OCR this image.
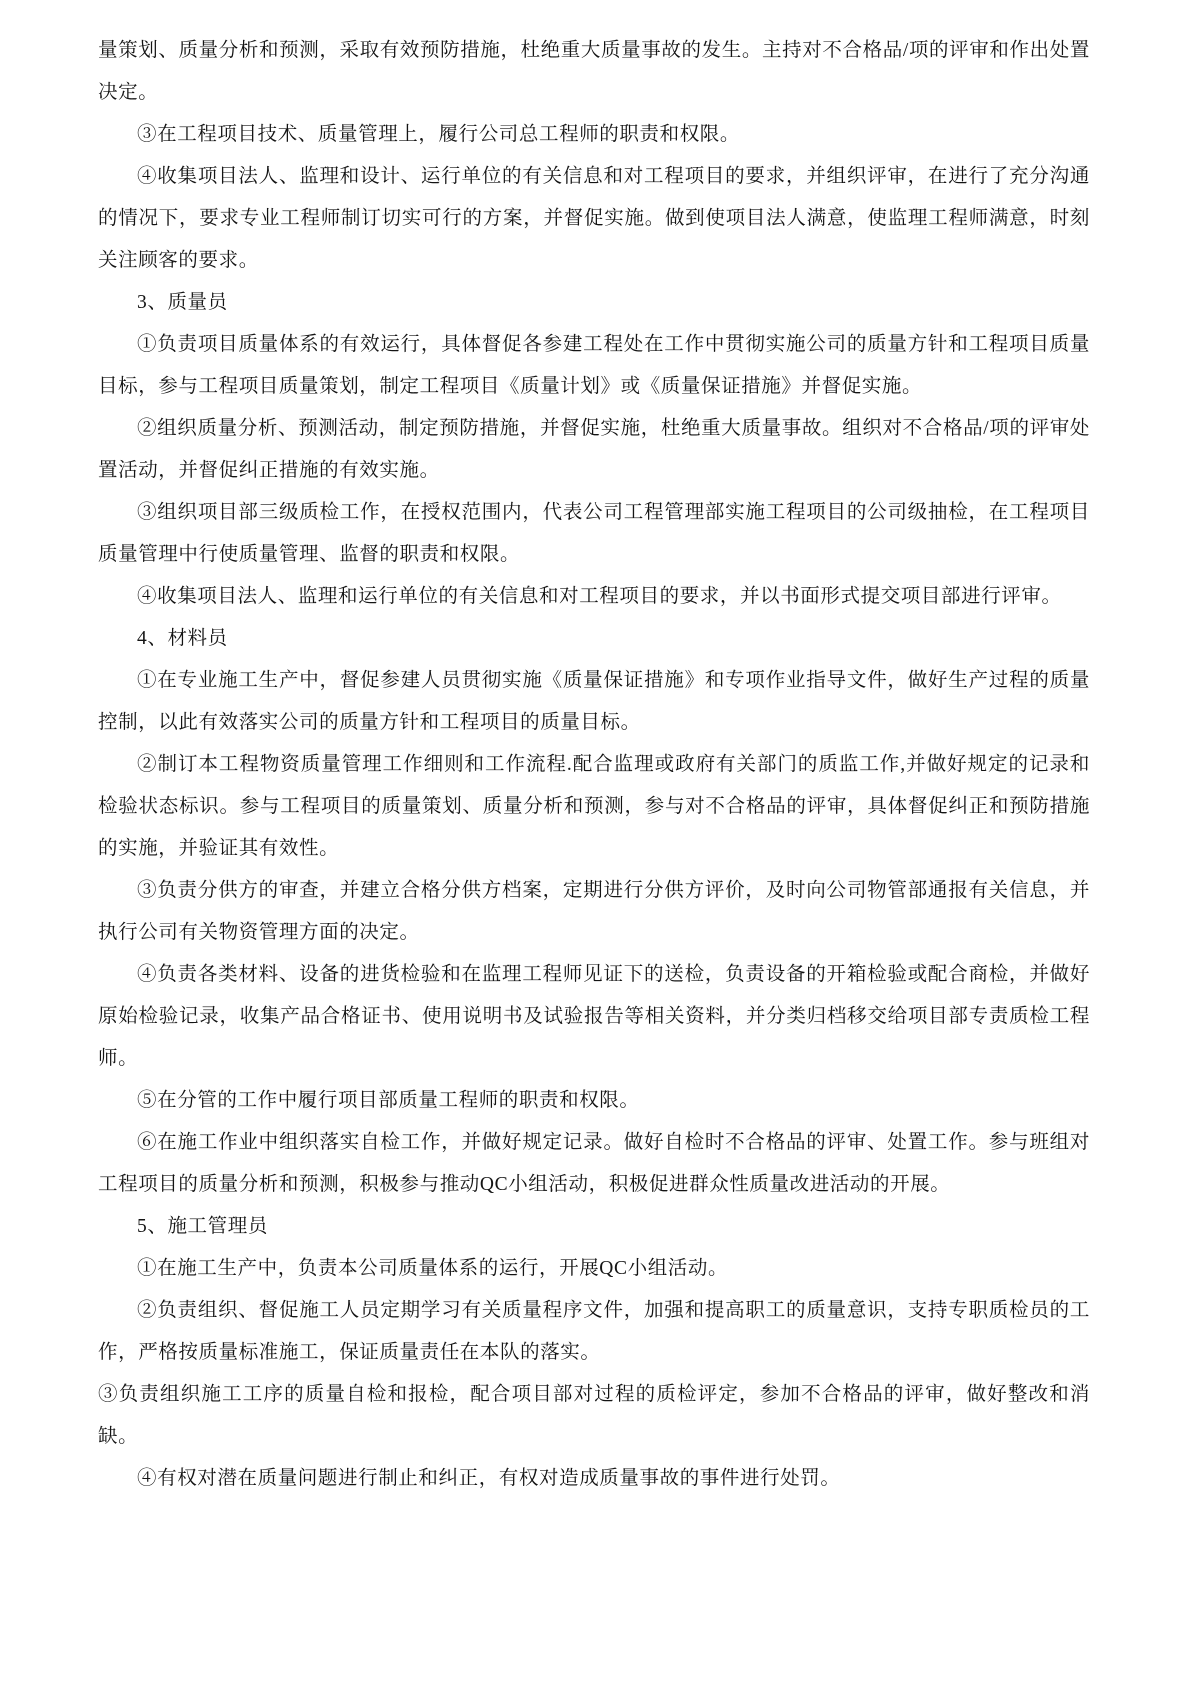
量策划、质量分析和预测，采取有效预防措施，杜绝重大质量事故的发生。主持对不合格品/项的评审和作出处置决定。

③在工程项目技术、质量管理上，履行公司总工程师的职责和权限。

④收集项目法人、监理和设计、运行单位的有关信息和对工程项目的要求，并组织评审，在进行了充分沟通的情况下，要求专业工程师制订切实可行的方案，并督促实施。做到使项目法人满意，使监理工程师满意，时刻关注顾客的要求。

3、质量员

①负责项目质量体系的有效运行，具体督促各参建工程处在工作中贯彻实施公司的质量方针和工程项目质量目标，参与工程项目质量策划，制定工程项目《质量计划》或《质量保证措施》并督促实施。

②组织质量分析、预测活动，制定预防措施，并督促实施，杜绝重大质量事故。组织对不合格品/项的评审处置活动，并督促纠正措施的有效实施。

③组织项目部三级质检工作，在授权范围内，代表公司工程管理部实施工程项目的公司级抽检，在工程项目质量管理中行使质量管理、监督的职责和权限。

④收集项目法人、监理和运行单位的有关信息和对工程项目的要求，并以书面形式提交项目部进行评审。

4、材料员

①在专业施工生产中，督促参建人员贯彻实施《质量保证措施》和专项作业指导文件，做好生产过程的质量控制，以此有效落实公司的质量方针和工程项目的质量目标。

②制订本工程物资质量管理工作细则和工作流程.配合监理或政府有关部门的质监工作,并做好规定的记录和检验状态标识。参与工程项目的质量策划、质量分析和预测，参与对不合格品的评审，具体督促纠正和预防措施的实施，并验证其有效性。

③负责分供方的审查，并建立合格分供方档案，定期进行分供方评价，及时向公司物管部通报有关信息，并执行公司有关物资管理方面的决定。

④负责各类材料、设备的进货检验和在监理工程师见证下的送检，负责设备的开箱检验或配合商检，并做好原始检验记录，收集产品合格证书、使用说明书及试验报告等相关资料，并分类归档移交给项目部专责质检工程师。

⑤在分管的工作中履行项目部质量工程师的职责和权限。

⑥在施工作业中组织落实自检工作，并做好规定记录。做好自检时不合格品的评审、处置工作。参与班组对工程项目的质量分析和预测，积极参与推动QC小组活动，积极促进群众性质量改进活动的开展。

5、施工管理员

①在施工生产中，负责本公司质量体系的运行，开展QC小组活动。

②负责组织、督促施工人员定期学习有关质量程序文件，加强和提高职工的质量意识，支持专职质检员的工作，严格按质量标准施工，保证质量责任在本队的落实。

③负责组织施工工序的质量自检和报检，配合项目部对过程的质检评定，参加不合格品的评审，做好整改和消缺。

④有权对潜在质量问题进行制止和纠正，有权对造成质量事故的事件进行处罚。
